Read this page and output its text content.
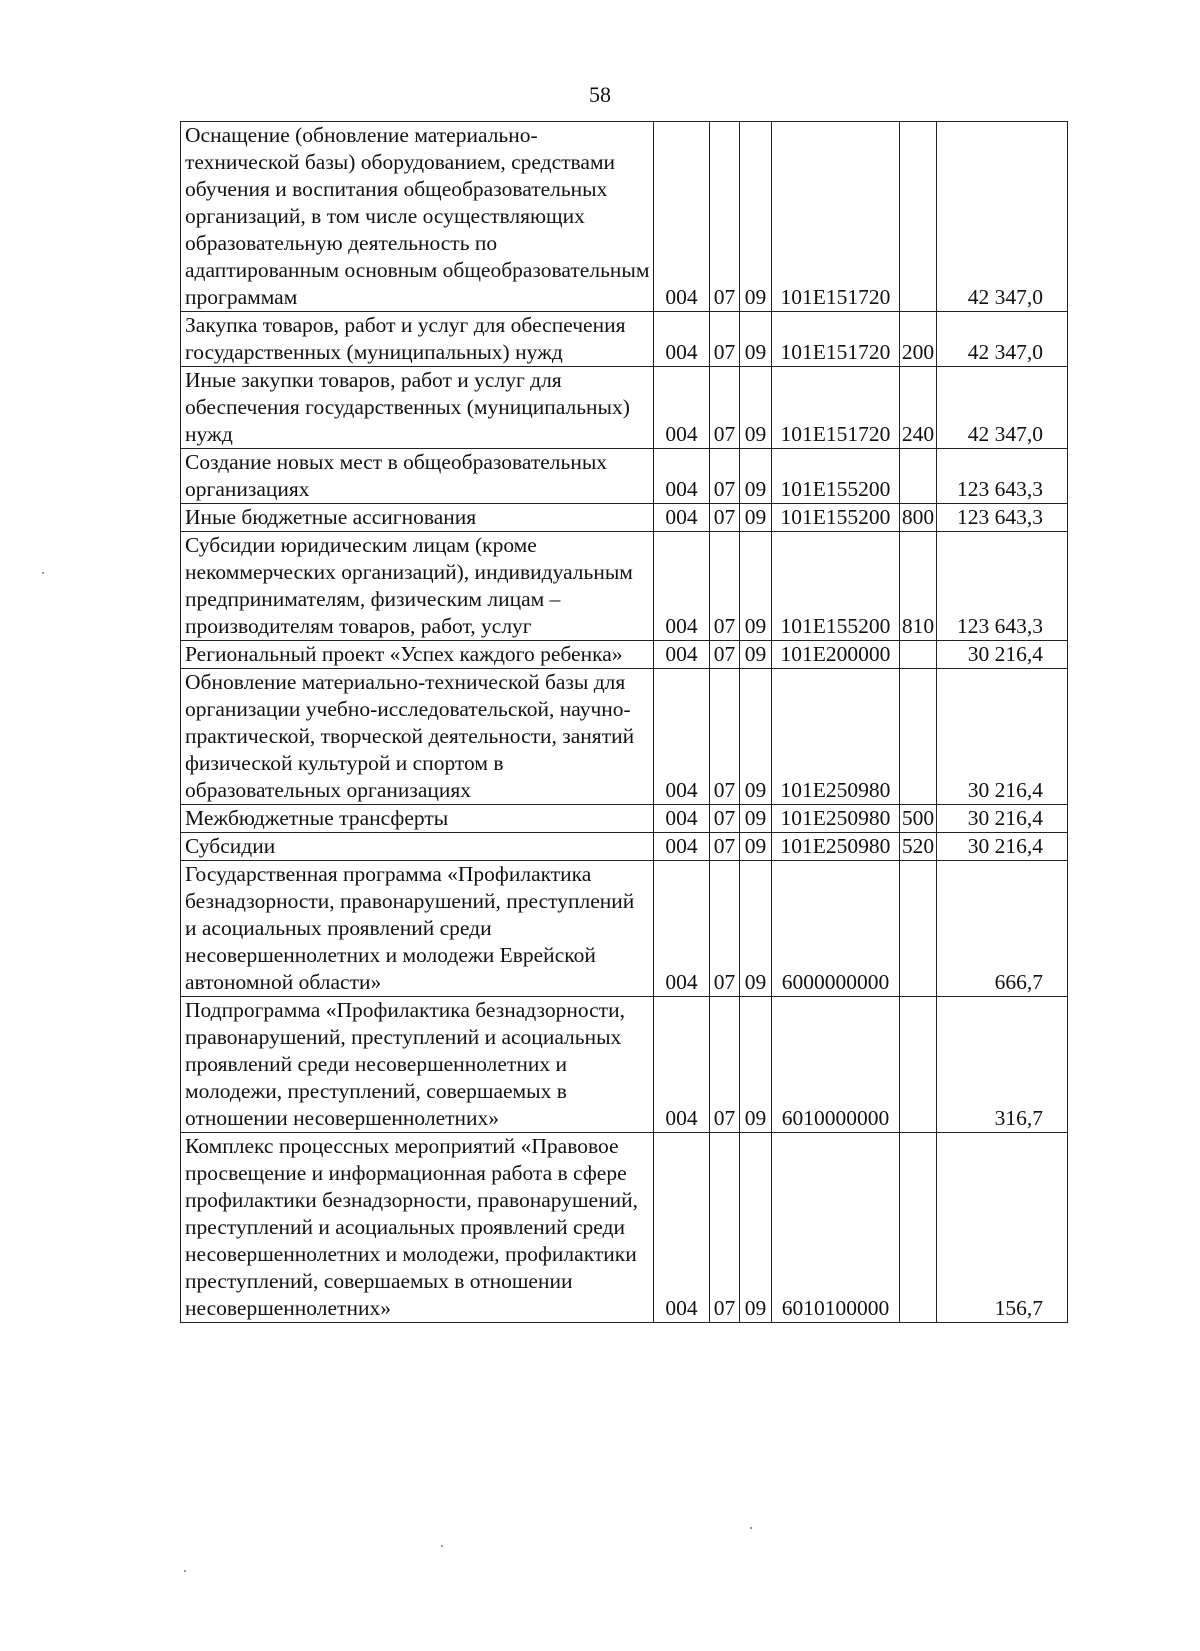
58
Оснащение (обновление материально-технической базы) оборудованием, средствами обучения и воспитания общеобразовательных организаций, в том числе осуществляющих образовательную деятельность по адаптированным основным общеобразовательным программам	004	07	09	101E151720		42 347,0
Закупка товаров, работ и услуг для обеспечения государственных (муниципальных) нужд	004	07	09	101E151720	200	42 347,0
Иные закупки товаров, работ и услуг для обеспечения государственных (муниципальных) нужд	004	07	09	101E151720	240	42 347,0
Создание новых мест в общеобразовательных организациях	004	07	09	101E155200		123 643,3
Иные бюджетные ассигнования	004	07	09	101E155200	800	123 643,3
Субсидии юридическим лицам (кроме некоммерческих организаций), индивидуальным предпринимателям, физическим лицам – производителям товаров, работ, услуг	004	07	09	101E155200	810	123 643,3
Региональный проект «Успех каждого ребенка»	004	07	09	101E200000		30 216,4
Обновление материально-технической базы для организации учебно-исследовательской, научно-практической, творческой деятельности, занятий физической культурой и спортом в образовательных организациях	004	07	09	101E250980		30 216,4
Межбюджетные трансферты	004	07	09	101E250980	500	30 216,4
Субсидии	004	07	09	101E250980	520	30 216,4
Государственная программа «Профилактика безнадзорности, правонарушений, преступлений и асоциальных проявлений среди несовершеннолетних и молодежи Еврейской автономной области»	004	07	09	6000000000		666,7
Подпрограмма «Профилактика безнадзорности, правонарушений, преступлений и асоциальных проявлений среди несовершеннолетних и молодежи, преступлений, совершаемых в отношении несовершеннолетних»	004	07	09	6010000000		316,7
Комплекс процессных мероприятий «Правовое просвещение и информационная работа в сфере профилактики безнадзорности, правонарушений, преступлений и асоциальных проявлений среди несовершеннолетних и молодежи, профилактики преступлений, совершаемых в отношении несовершеннолетних»	004	07	09	6010100000		156,7
